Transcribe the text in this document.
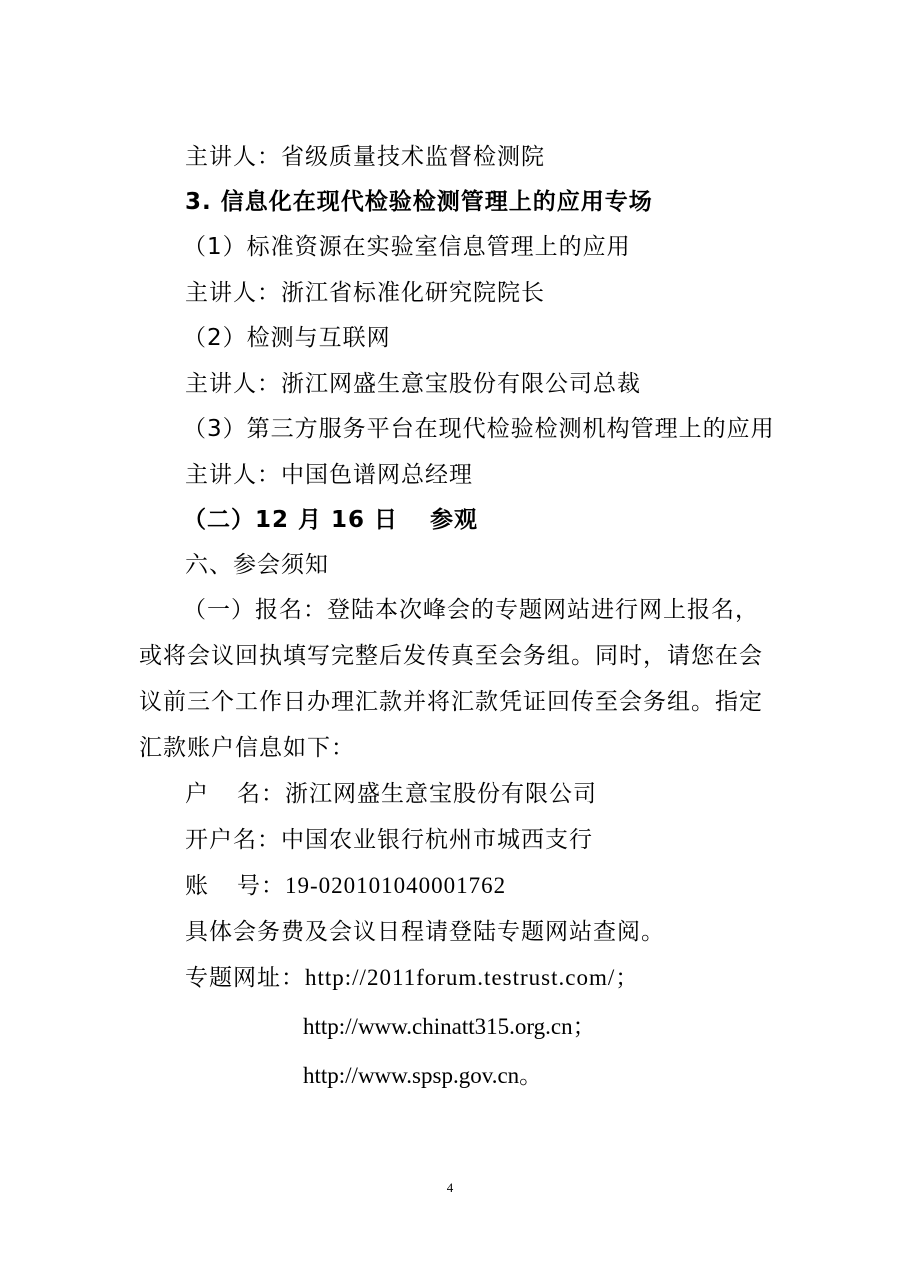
主讲人：省级质量技术监督检测院
3. 信息化在现代检验检测管理上的应用专场
（1）标准资源在实验室信息管理上的应用
主讲人：浙江省标准化研究院院长
（2）检测与互联网
主讲人：浙江网盛生意宝股份有限公司总裁
（3）第三方服务平台在现代检验检测机构管理上的应用
主讲人：中国色谱网总经理
（二）12 月 16 日 参观
六、参会须知
（一）报名：登陆本次峰会的专题网站进行网上报名，
或将会议回执填写完整后发传真至会务组。同时，请您在会
议前三个工作日办理汇款并将汇款凭证回传至会务组。指定
汇款账户信息如下：
户 名：浙江网盛生意宝股份有限公司
开户名：中国农业银行杭州市城西支行
账 号：19-020101040001762
具体会务费及会议日程请登陆专题网站查阅。
专题网址：http://2011forum.testrust.com/；
http://www.chinatt315.org.cn；
http://www.spsp.gov.cn。
4
